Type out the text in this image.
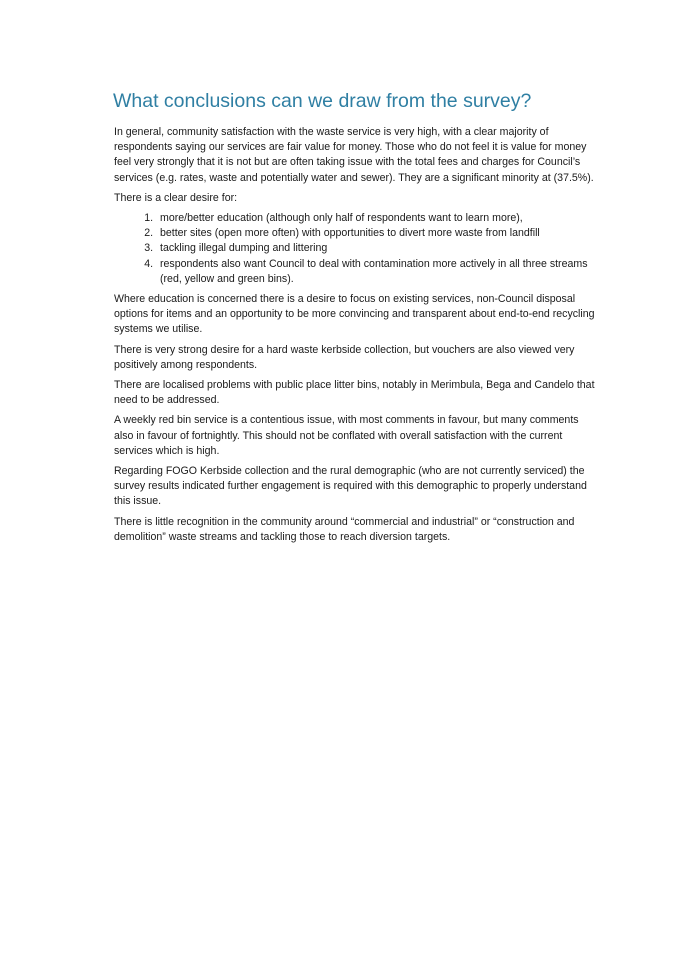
What conclusions can we draw from the survey?

In general, community satisfaction with the waste service is very high, with a clear majority of respondents saying our services are fair value for money. Those who do not feel it is value for money feel very strongly that it is not but are often taking issue with the total fees and charges for Council’s services (e.g. rates, waste and potentially water and sewer). They are a significant minority at (37.5%).

There is a clear desire for:

1. more/better education (although only half of respondents want to learn more),
2. better sites (open more often) with opportunities to divert more waste from landfill
3. tackling illegal dumping and littering
4. respondents also want Council to deal with contamination more actively in all three streams (red, yellow and green bins).

Where education is concerned there is a desire to focus on existing services, non-Council disposal options for items and an opportunity to be more convincing and transparent about end-to-end recycling systems we utilise.

There is very strong desire for a hard waste kerbside collection, but vouchers are also viewed very positively among respondents.

There are localised problems with public place litter bins, notably in Merimbula, Bega and Candelo that need to be addressed.

A weekly red bin service is a contentious issue, with most comments in favour, but many comments also in favour of fortnightly. This should not be conflated with overall satisfaction with the current services which is high.

Regarding FOGO Kerbside collection and the rural demographic (who are not currently serviced) the survey results indicated further engagement is required with this demographic to properly understand this issue.

There is little recognition in the community around “commercial and industrial” or “construction and demolition” waste streams and tackling those to reach diversion targets.
